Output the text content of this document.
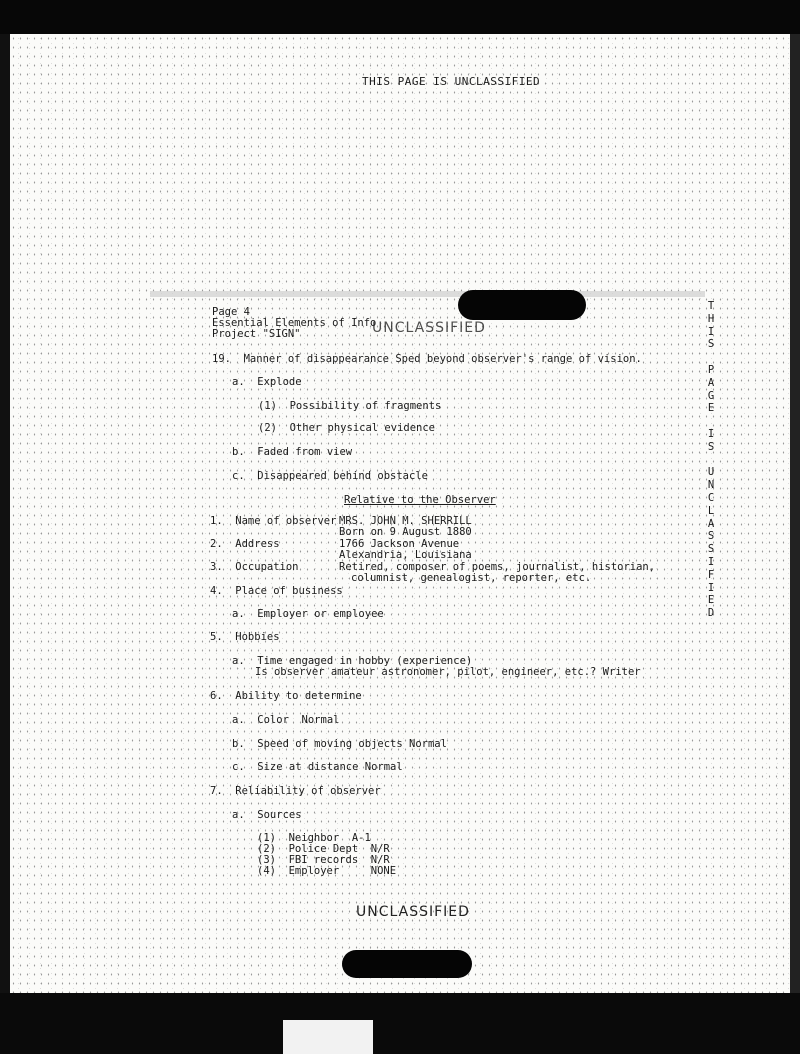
THIS PAGE IS UNCLASSIFIED
Page 4
Essential Elements of Info
Project "SIGN"	UNCLASSIFIED
19.  Manner of disappearance Sped beyond observer's range of vision.
a.  Explode
(1)  Possibility of fragments
(2)  Other physical evidence
b.  Faded from view
c.  Disappeared behind obstacle
Relative to the Observer
1.  Name of observer MRS. JOHN M. SHERRILL
Born on 9 August 1880
2.  Address	1766 Jackson Avenue
Alexandria, Louisiana
3.  Occupation	Retired, composer of poems, journalist, historian,
columnist, genealogist, reporter, etc.
4.  Place of business
a.  Employer or employee
5.  Hobbies
a.  Time engaged in hobby (experience)
Is observer amateur astronomer, pilot, engineer, etc.? Writer
6.  Ability to determine
a.  Color  Normal
b.  Speed of moving objects Normal
c.  Size at distance Normal
7.  Reliability of observer
a.  Sources
(1)  Neighbor  A-1
(2)  Police Dept  N/R
(3)  FBI records  N/R
(4)  Employer     NONE
UNCLASSIFIED
T
H
I
S
P
A
G
E
I
S
U
N
C
L
A
S
S
I
F
I
E
D
